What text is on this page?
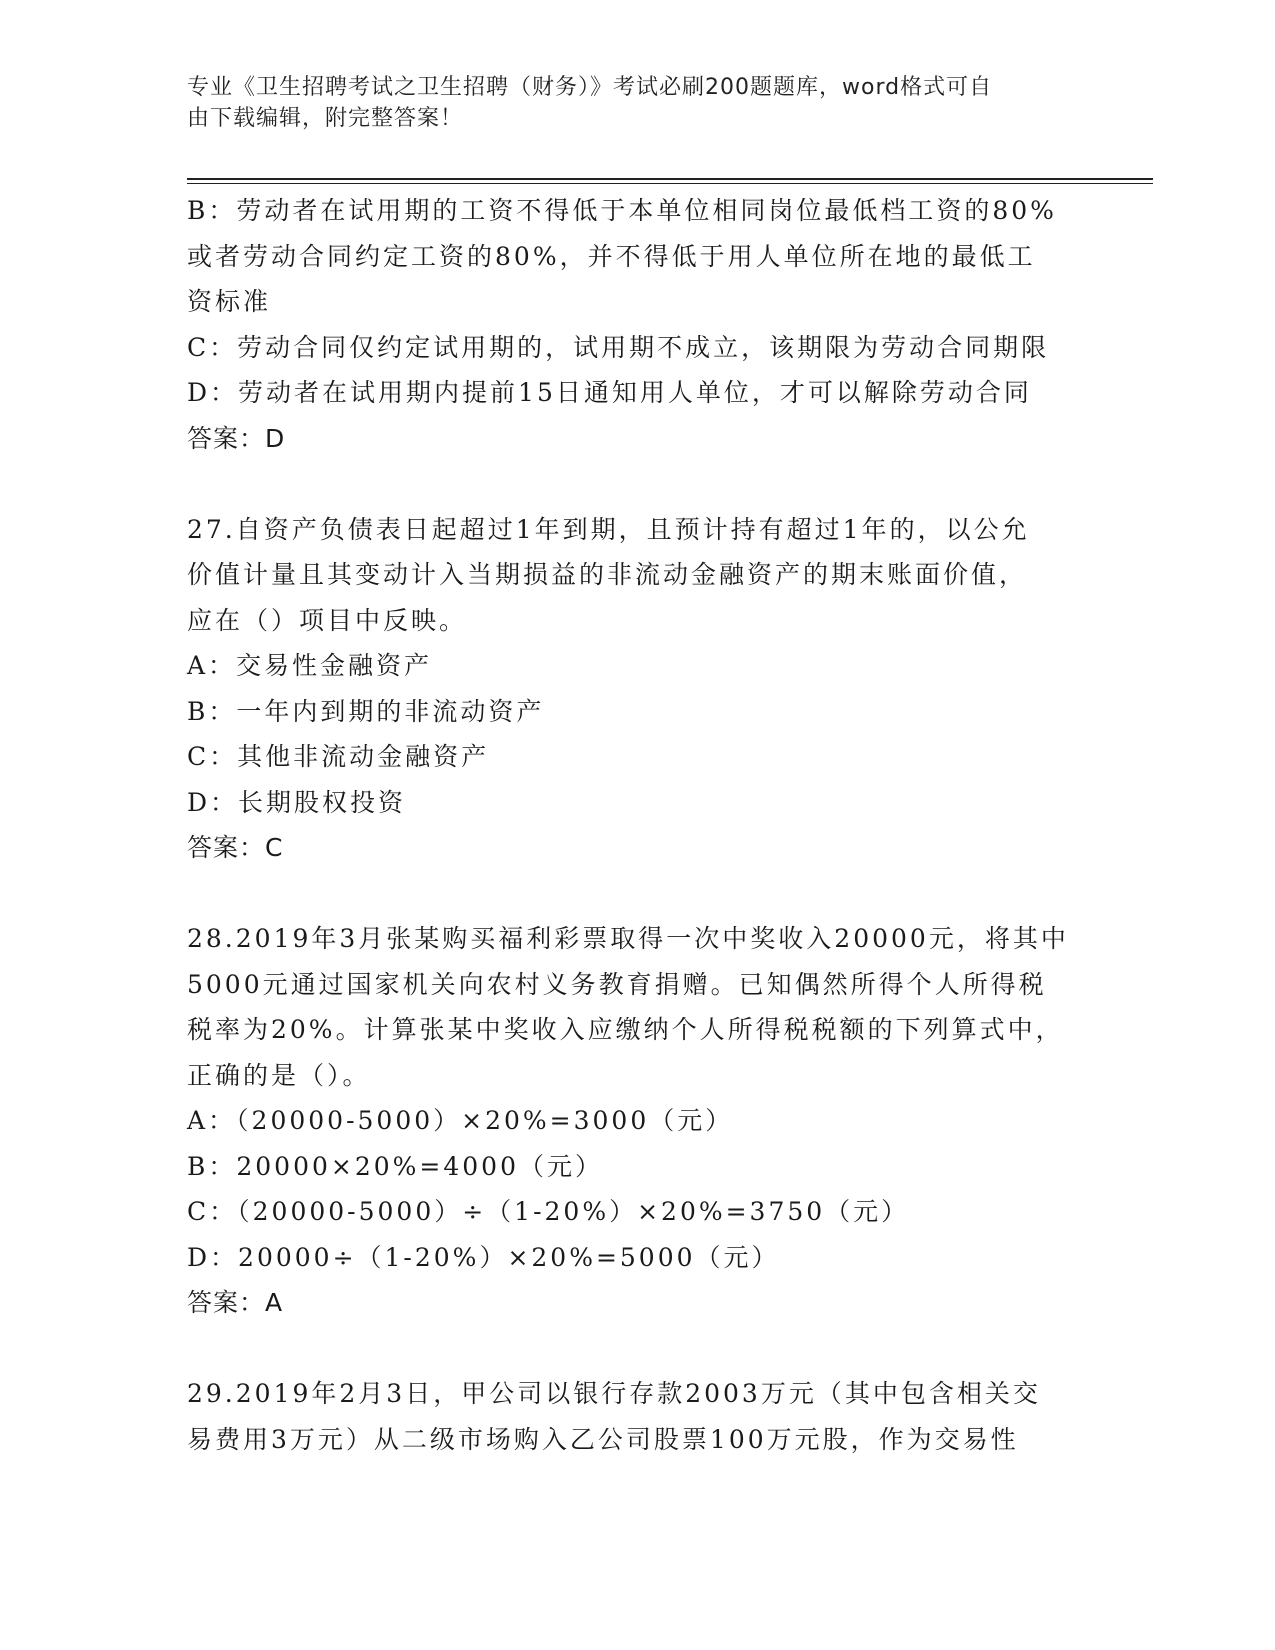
专业《卫生招聘考试之卫生招聘（财务）》考试必刷200题题库，word格式可自
由下载编辑，附完整答案！
B：劳动者在试用期的工资不得低于本单位相同岗位最低档工资的80%
或者劳动合同约定工资的80%，并不得低于用人单位所在地的最低工
资标准
C：劳动合同仅约定试用期的，试用期不成立，该期限为劳动合同期限
D：劳动者在试用期内提前15日通知用人单位，才可以解除劳动合同
答案：D
27.自资产负债表日起超过1年到期，且预计持有超过1年的，以公允
价值计量且其变动计入当期损益的非流动金融资产的期末账面价值，
应在（）项目中反映。
A：交易性金融资产
B：一年内到期的非流动资产
C：其他非流动金融资产
D：长期股权投资
答案：C
28.2019年3月张某购买福利彩票取得一次中奖收入20000元，将其中
5000元通过国家机关向农村义务教育捐赠。已知偶然所得个人所得税
税率为20%。计算张某中奖收入应缴纳个人所得税税额的下列算式中，
正确的是（）。
A：（20000-5000）×20%=3000（元）
B：20000×20%=4000（元）
C：（20000-5000）÷（1-20%）×20%=3750（元）
D：20000÷（1-20%）×20%=5000（元）
答案：A
29.2019年2月3日，甲公司以银行存款2003万元（其中包含相关交
易费用3万元）从二级市场购入乙公司股票100万元股，作为交易性
